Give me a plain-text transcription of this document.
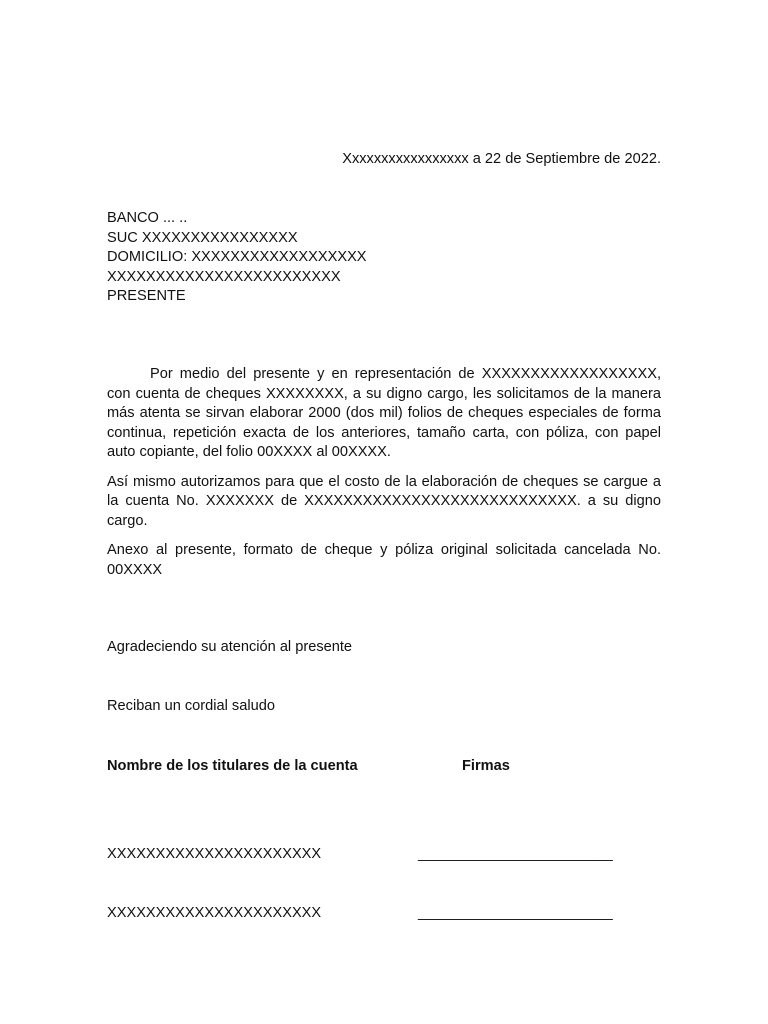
Xxxxxxxxxxxxxxxxx a 22 de Septiembre de 2022.
BANCO ... ..
SUC XXXXXXXXXXXXXXXX
DOMICILIO: XXXXXXXXXXXXXXXXXX
XXXXXXXXXXXXXXXXXXXXXXXX
PRESENTE

Por medio del presente y en representación de XXXXXXXXXXXXXXXXXX, con cuenta de cheques XXXXXXXX, a su digno cargo, les solicitamos de la manera más atenta se sirvan elaborar 2000 (dos mil) folios de cheques especiales de forma continua, repetición exacta de los anteriores, tamaño carta, con póliza, con papel auto copiante, del folio 00XXXX al 00XXXX.

Así mismo autorizamos para que el costo de la elaboración de cheques se cargue a la cuenta No. XXXXXXX de XXXXXXXXXXXXXXXXXXXXXXXXXXXX. a su digno cargo.

Anexo al presente, formato de cheque y póliza original solicitada cancelada No. 00XXXX

Agradeciendo su atención al presente
Reciban un cordial saludo
Nombre de los titulares de la cuenta	Firmas
XXXXXXXXXXXXXXXXXXXXXX	________________________
XXXXXXXXXXXXXXXXXXXXXX	________________________
